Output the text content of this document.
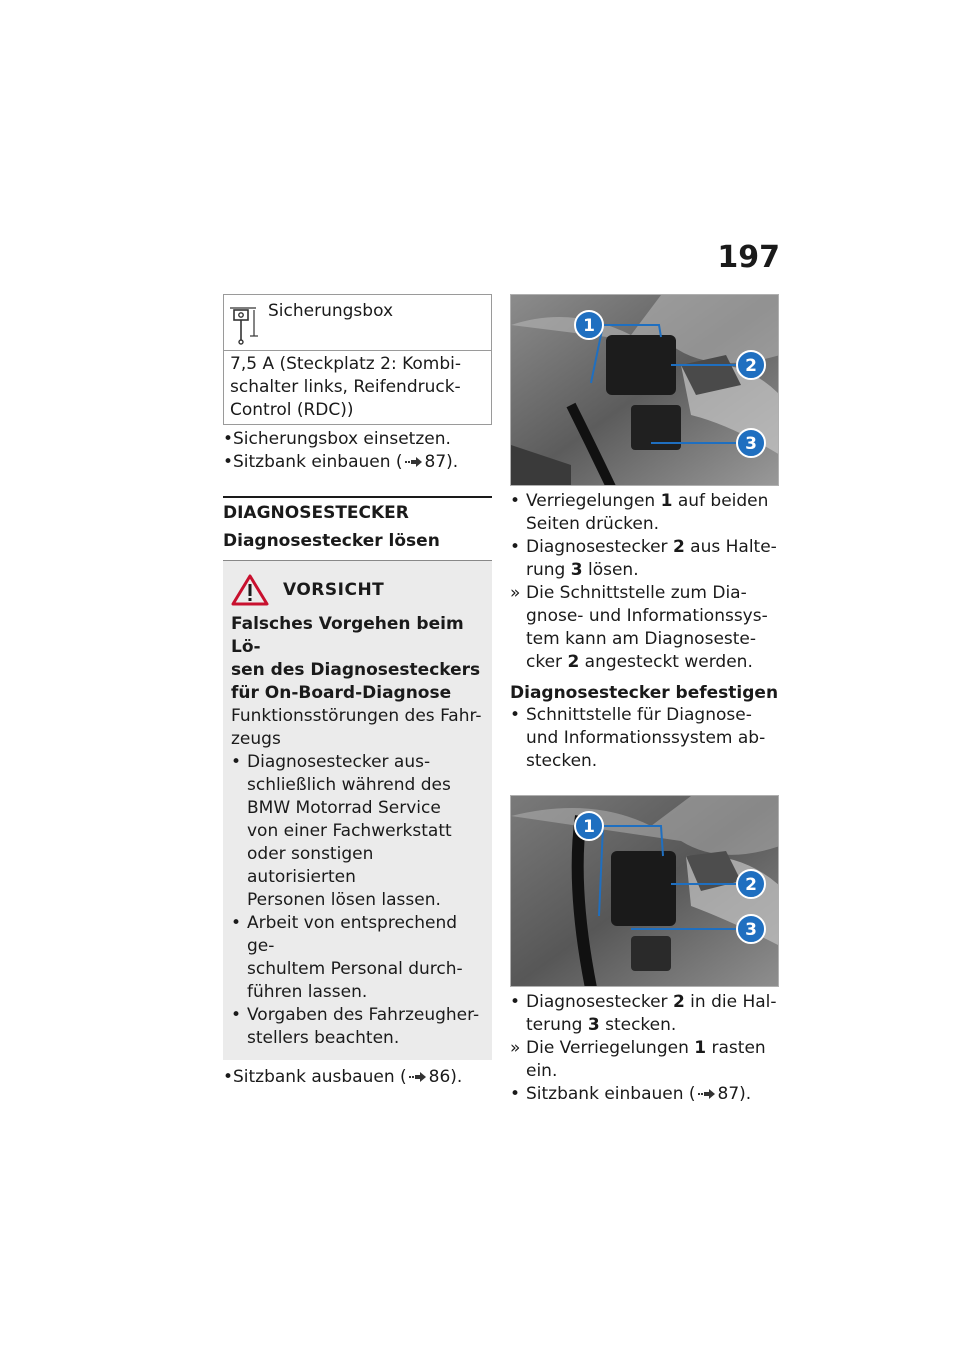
197
Sicherungsbox
7,5 A (Steckplatz 2: Kombi-
schalter links, Reifendruck-
Control (RDC))
• Sicherungsbox einsetzen.
• Sitzbank einbauen ( 87).
DIAGNOSESTECKER
Diagnosestecker lösen
VORSICHT
Falsches Vorgehen beim Lö-
sen des Diagnosesteckers
für On-Board-Diagnose
Funktionsstörungen des Fahr-
zeugs
• Diagnosestecker aus-
schließlich während des
BMW Motorrad Service
von einer Fachwerkstatt
oder sonstigen autorisierten
Personen lösen lassen.
• Arbeit von entsprechend ge-
schultem Personal durch-
führen lassen.
• Vorgaben des Fahrzeugher-
stellers beachten.
• Sitzbank ausbauen ( 86).
1
2
3
• Verriegelungen 1 auf beiden
Seiten drücken.
• Diagnosestecker 2 aus Halte-
rung 3 lösen.
» Die Schnittstelle zum Dia-
gnose- und Informationssys-
tem kann am Diagnoseste-
cker 2 angesteckt werden.
Diagnosestecker befestigen
• Schnittstelle für Diagnose-
und Informationssystem ab-
stecken.
1
2
3
• Diagnosestecker 2 in die Hal-
terung 3 stecken.
» Die Verriegelungen 1 rasten
ein.
• Sitzbank einbauen ( 87).
